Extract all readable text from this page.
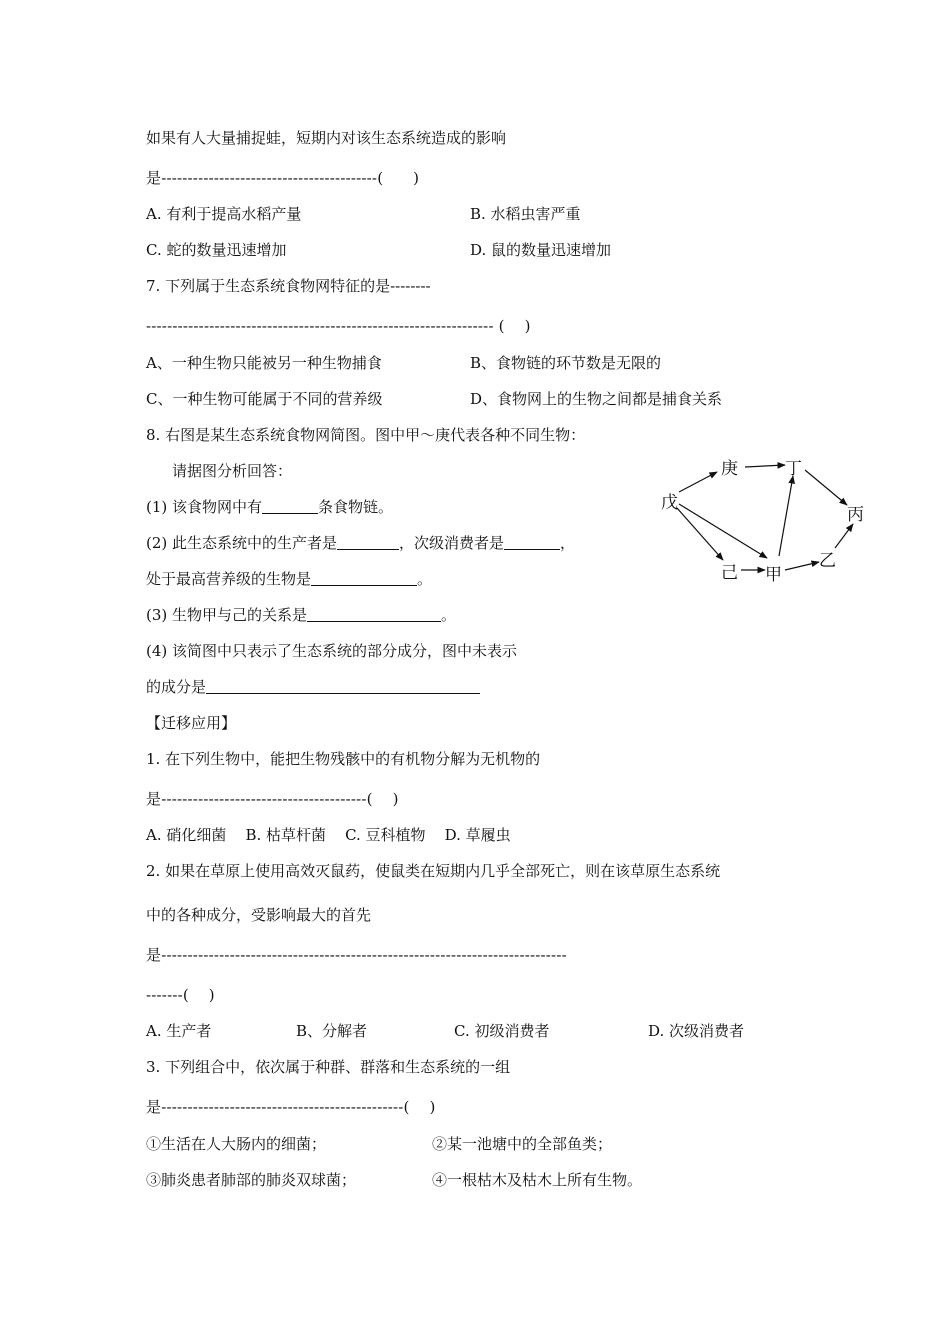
如果有人大量捕捉蛙，短期内对该生态系统造成的影响
是-----------------------------------------(      )
A. 有利于提高水稻产量	B. 水稻虫害严重
C. 蛇的数量迅速增加	D. 鼠的数量迅速增加
7. 下列属于生态系统食物网特征的是--------
------------------------------------------------------------------ (    )
A、一种生物只能被另一种生物捕食	B、食物链的环节数是无限的
C、一种生物可能属于不同的营养级	D、食物网上的生物之间都是捕食关系
8. 右图是某生态系统食物网简图。图中甲～庚代表各种不同生物：
请据图分析回答：
(1) 该食物网中有	条食物链。
(2) 此生态系统中的生产者是	，次级消费者是	，
处于最高营养级的生物是	。
(3) 生物甲与己的关系是	。
(4) 该简图中只表示了生态系统的部分成分，图中未表示
的成分是
戊
庚	丁
丙
己 甲
乙
【迁移应用】
1. 在下列生物中，能把生物残骸中的有机物分解为无机物的
是---------------------------------------(    )
A. 硝化细菌    B. 枯草杆菌    C. 豆科植物    D. 草履虫
2. 如果在草原上使用高效灭鼠药，使鼠类在短期内几乎全部死亡，则在该草原生态系统
中的各种成分，受影响最大的首先
是-----------------------------------------------------------------------------
-------(    )
A. 生产者	B、分解者	C. 初级消费者	D. 次级消费者
3. 下列组合中，依次属于种群、群落和生态系统的一组
是----------------------------------------------(    )
①生活在人大肠内的细菌；	②某一池塘中的全部鱼类；
③肺炎患者肺部的肺炎双球菌；	④一根枯木及枯木上所有生物。
